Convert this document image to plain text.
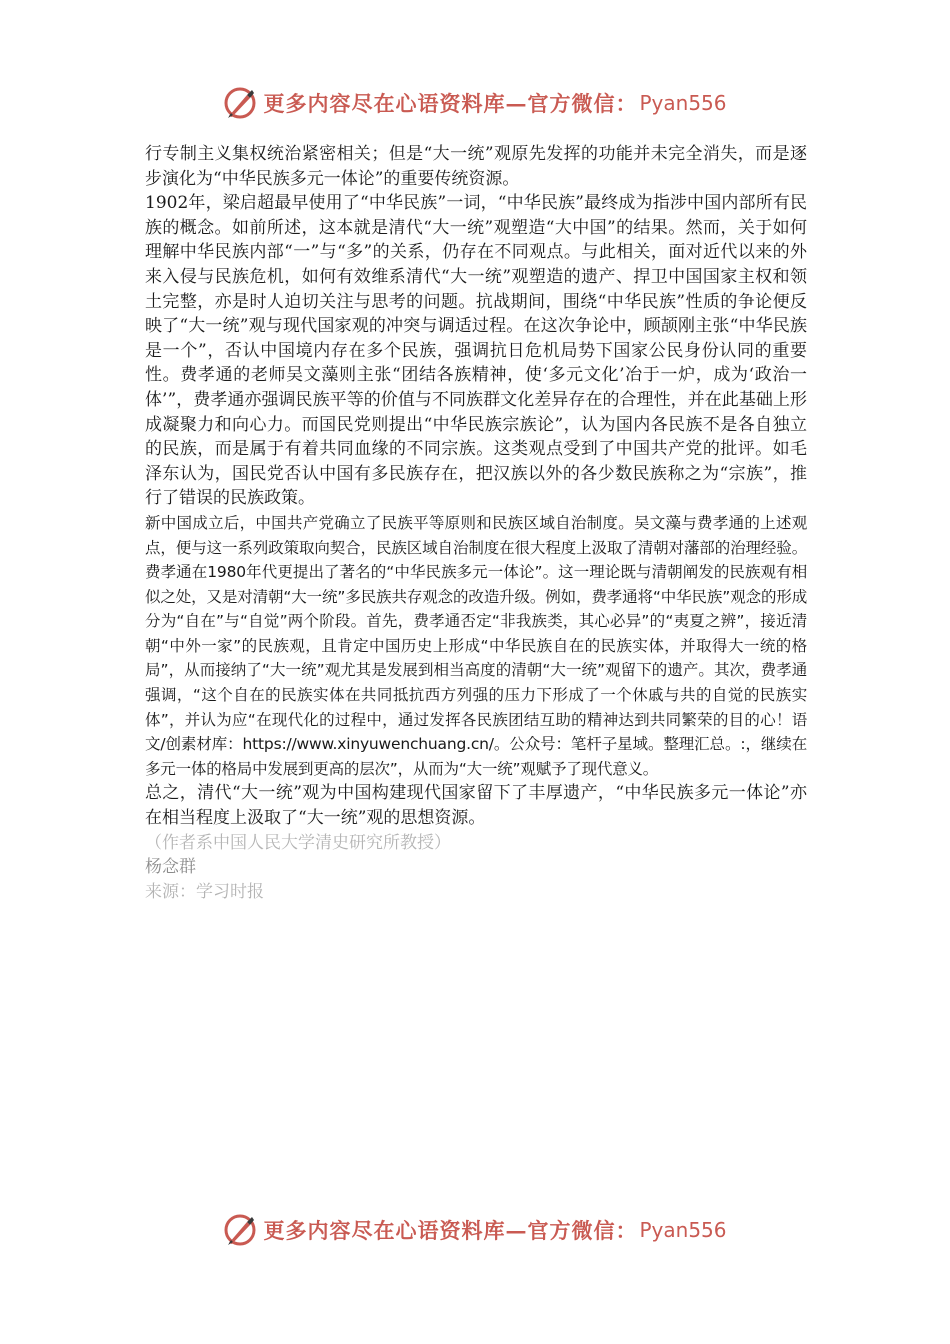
更多内容尽在心语资料库—官方微信： Pyan556

行专制主义集权统治紧密相关；但是“大一统”观原先发挥的功能并未完全消失，而是逐步演化为“中华民族多元一体论”的重要传统资源。

1902年，梁启超最早使用了“中华民族”一词，“中华民族”最终成为指涉中国内部所有民族的概念。如前所述，这本就是清代“大一统”观塑造“大中国”的结果。然而，关于如何理解中华民族内部“一”与“多”的关系，仍存在不同观点。与此相关，面对近代以来的外来入侵与民族危机，如何有效维系清代“大一统”观塑造的遗产、捍卫中国国家主权和领土完整，亦是时人迫切关注与思考的问题。抗战期间，围绕“中华民族”性质的争论便反映了“大一统”观与现代国家观的冲突与调适过程。在这次争论中，顾颉刚主张“中华民族是一个”，否认中国境内存在多个民族，强调抗日危机局势下国家公民身份认同的重要性。费孝通的老师吴文藻则主张“团结各族精神，使‘多元文化’冶于一炉，成为‘政治一体’”，费孝通亦强调民族平等的价值与不同族群文化差异存在的合理性，并在此基础上形成凝聚力和向心力。而国民党则提出“中华民族宗族论”，认为国内各民族不是各自独立的民族，而是属于有着共同血缘的不同宗族。这类观点受到了中国共产党的批评。如毛泽东认为，国民党否认中国有多民族存在，把汉族以外的各少数民族称之为“宗族”，推行了错误的民族政策。

新中国成立后，中国共产党确立了民族平等原则和民族区域自治制度。吴文藻与费孝通的上述观点，便与这一系列政策取向契合，民族区域自治制度在很大程度上汲取了清朝对藩部的治理经验。费孝通在1980年代更提出了著名的“中华民族多元一体论”。这一理论既与清朝阐发的民族观有相似之处，又是对清朝“大一统”多民族共存观念的改造升级。例如，费孝通将“中华民族”观念的形成分为“自在”与“自觉”两个阶段。首先，费孝通否定“非我族类，其心必异”的“夷夏之辨”，接近清朝“中外一家”的民族观，且肯定中国历史上形成“中华民族自在的民族实体，并取得大一统的格局”，从而接纳了“大一统”观尤其是发展到相当高度的清朝“大一统”观留下的遗产。其次，费孝通强调，“这个自在的民族实体在共同抵抗西方列强的压力下形成了一个休戚与共的自觉的民族实体”，并认为应“在现代化的过程中，通过发挥各民族团结互助的精神达到共同繁荣的目的心！语文/创素材库：https://www.xinyuwenchuang.cn/。公众号：笔杆子星域。整理汇总。:，继续在多元一体的格局中发展到更高的层次”，从而为“大一统”观赋予了现代意义。

总之，清代“大一统”观为中国构建现代国家留下了丰厚遗产，“中华民族多元一体论”亦在相当程度上汲取了“大一统”观的思想资源。

（作者系中国人民大学清史研究所教授）

杨念群

来源：学习时报

更多内容尽在心语资料库—官方微信： Pyan556
